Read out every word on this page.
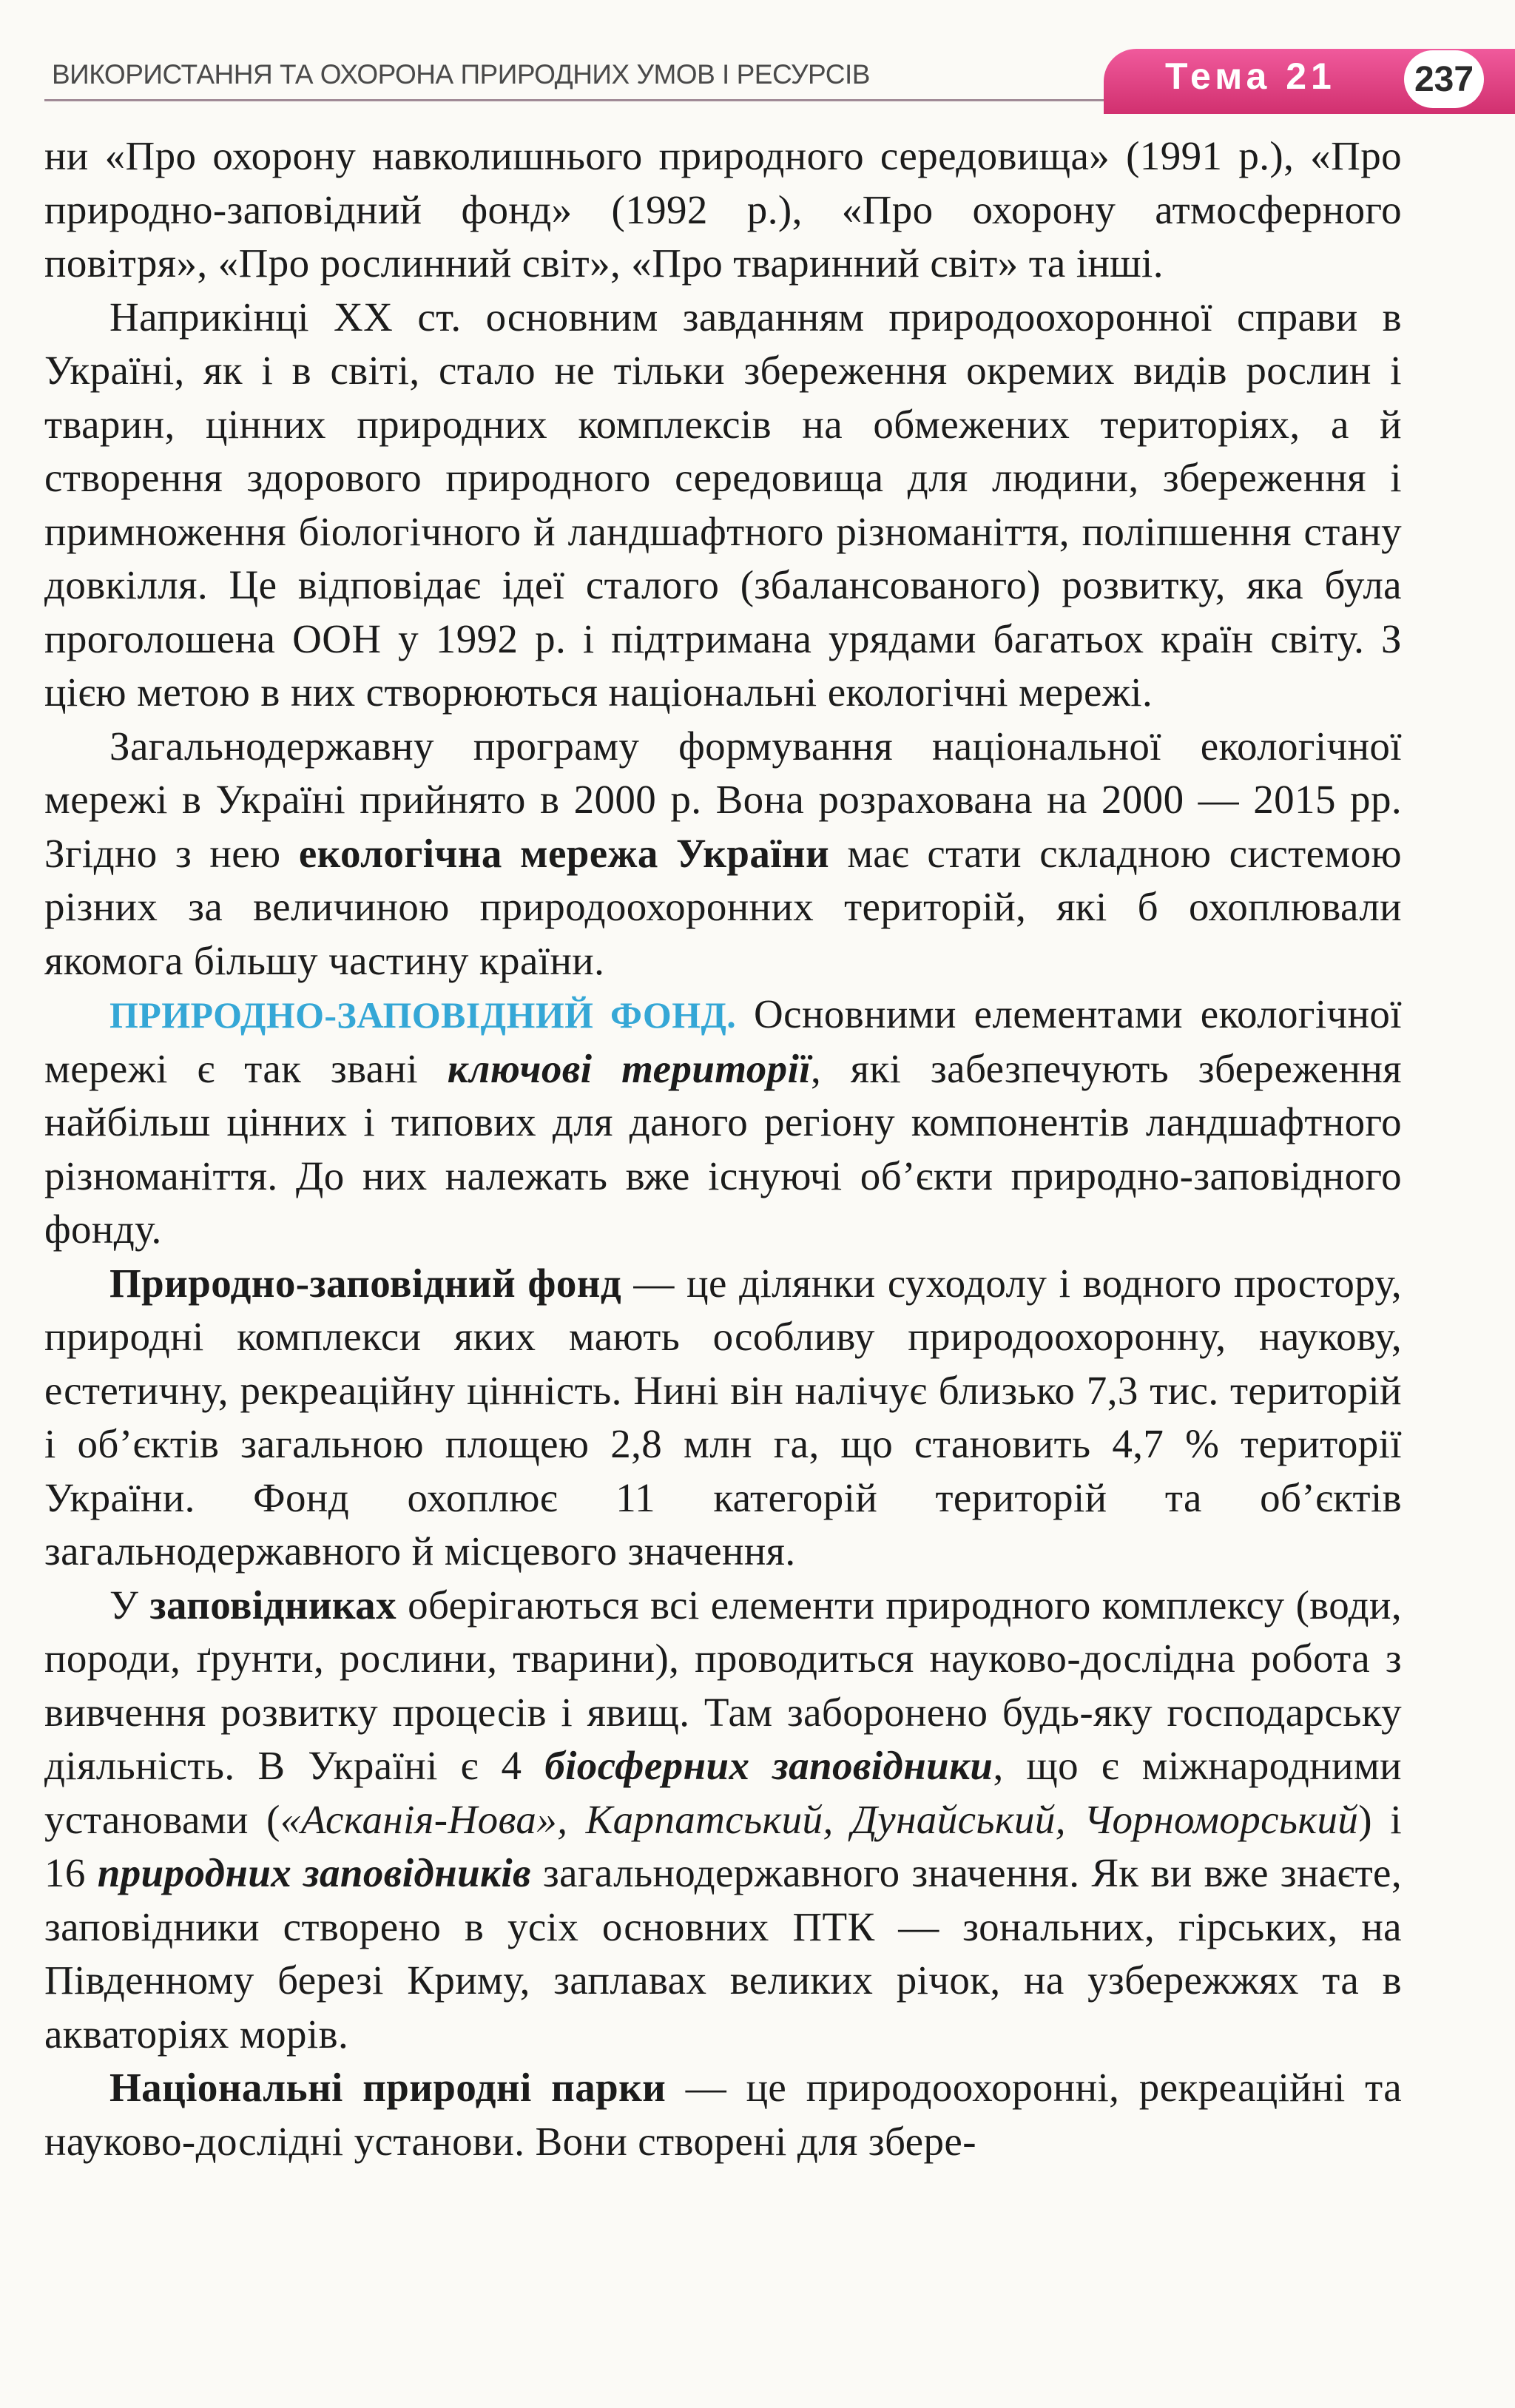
ВИКОРИСТАННЯ ТА ОХОРОНА ПРИРОДНИХ УМОВ І РЕСУРСІВ	Тема 21 237

ни «Про охорону навколишнього природного середовища» (1991 р.), «Про природно-заповідний фонд» (1992 р.), «Про охорону атмосферного повітря», «Про рослинний світ», «Про тваринний світ» та інші.

Наприкінці XX ст. основним завданням природоохоронної справи в Україні, як і в світі, стало не тільки збереження окремих видів рослин і тварин, цінних природних комплексів на обмежених територіях, а й створення здорового природного середовища для людини, збереження і примноження біологічного й ландшафтного різноманіття, поліпшення стану довкілля. Це відповідає ідеї сталого (збалансованого) розвитку, яка була проголошена ООН у 1992 р. і підтримана урядами багатьох країн світу. З цією метою в них створюються національні екологічні мережі.

Загальнодержавну програму формування національної екологічної мережі в Україні прийнято в 2000 р. Вона розрахована на 2000 — 2015 рр. Згідно з нею екологічна мережа України має стати складною системою різних за величиною природоохоронних територій, які б охоплювали якомога більшу частину країни.

ПРИРОДНО-ЗАПОВІДНИЙ ФОНД. Основними елементами екологічної мережі є так звані ключові території, які забезпечують збереження найбільш цінних і типових для даного регіону компонентів ландшафтного різноманіття. До них належать вже існуючі об’єкти природно-заповідного фонду.

Природно-заповідний фонд — це ділянки суходолу і водного простору, природні комплекси яких мають особливу природоохоронну, наукову, естетичну, рекреаційну цінність. Нині він налічує близько 7,3 тис. територій і об’єктів загальною площею 2,8 млн га, що становить 4,7 % території України. Фонд охоплює 11 категорій територій та об’єктів загальнодержавного й місцевого значення.

У заповідниках оберігаються всі елементи природного комплексу (води, породи, ґрунти, рослини, тварини), проводиться науково-дослідна робота з вивчення розвитку процесів і явищ. Там заборонено будь-яку господарську діяльність. В Україні є 4 біосферних заповідники, що є міжнародними установами («Асканія-Нова», Карпатський, Дунайський, Чорноморський) і 16 природних заповідників загальнодержавного значення. Як ви вже знаєте, заповідники створено в усіх основних ПТК — зональних, гірських, на Південному березі Криму, заплавах великих річок, на узбережжях та в акваторіях морів.

Національні природні парки — це природоохоронні, рекреаційні та науково-дослідні установи. Вони створені для збере-
